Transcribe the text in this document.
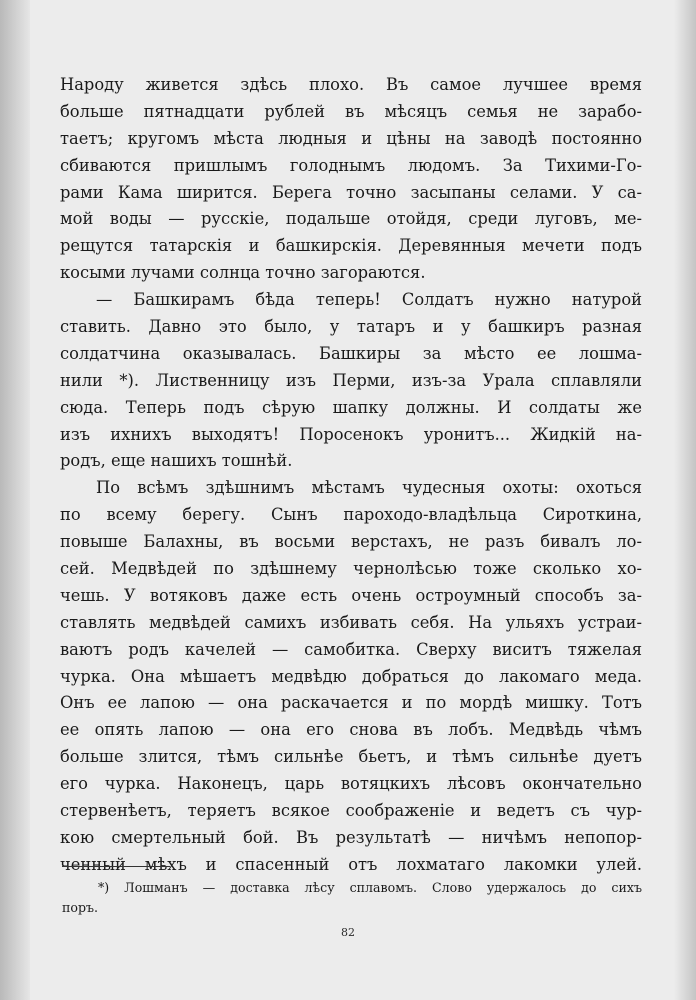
Народу живется здѣсь плохо. Въ самое лучшее время
больше пятнадцати рублей въ мѣсяцъ семья не зарабо-
таетъ; кругомъ мѣста людныя и цѣны на заводѣ постоянно
сбиваются пришлымъ голоднымъ людомъ. За Тихими-Го-
рами Кама ширится. Берега точно засыпаны селами. У са-
мой воды — русскіе, подальше отойдя, среди луговъ, ме-
рещутся татарскія и башкирскія. Деревянныя мечети подъ
косыми лучами солнца точно загораются.
— Башкирамъ бѣда теперь! Солдатъ нужно натурой
ставить. Давно это было, у татаръ и у башкиръ разная
солдатчина оказывалась. Башкиры за мѣсто ее лошма-
нили *). Лиственницу изъ Перми, изъ-за Урала сплавляли
сюда. Теперь подъ сѣрую шапку должны. И солдаты же
изъ ихнихъ выходятъ! Поросенокъ уронитъ... Жидкій на-
родъ, еще нашихъ тошнѣй.
По всѣмъ здѣшнимъ мѣстамъ чудесныя охоты: охоться
по всему берегу. Сынъ пароходо-владѣльца Сироткина,
повыше Балахны, въ восьми верстахъ, не разъ бивалъ ло-
сей. Медвѣдей по здѣшнему чернолѣсью тоже сколько хо-
чешь. У вотяковъ даже есть очень остроумный способъ за-
ставлять медвѣдей самихъ избивать себя. На ульяхъ устраи-
ваютъ родъ качелей — самобитка. Сверху виситъ тяжелая
чурка. Она мѣшаетъ медвѣдю добраться до лакомаго меда.
Онъ ее лапою — она раскачается и по мордѣ мишку. Тотъ
ее опять лапою — она его снова въ лобъ. Медвѣдь чѣмъ
больше злится, тѣмъ сильнѣе бьетъ, и тѣмъ сильнѣе дуетъ
его чурка. Наконецъ, царь вотяцкихъ лѣсовъ окончательно
стервенѣетъ, теряетъ всякое соображеніе и ведетъ съ чур-
кою смертельный бой. Въ результатѣ — ничѣмъ непопор-
ченный мѣхъ и спасенный отъ лохматаго лакомки улей.
*) Лошманъ — доставка лѣсу сплавомъ. Слово удержалось до сихъ
поръ.
82
